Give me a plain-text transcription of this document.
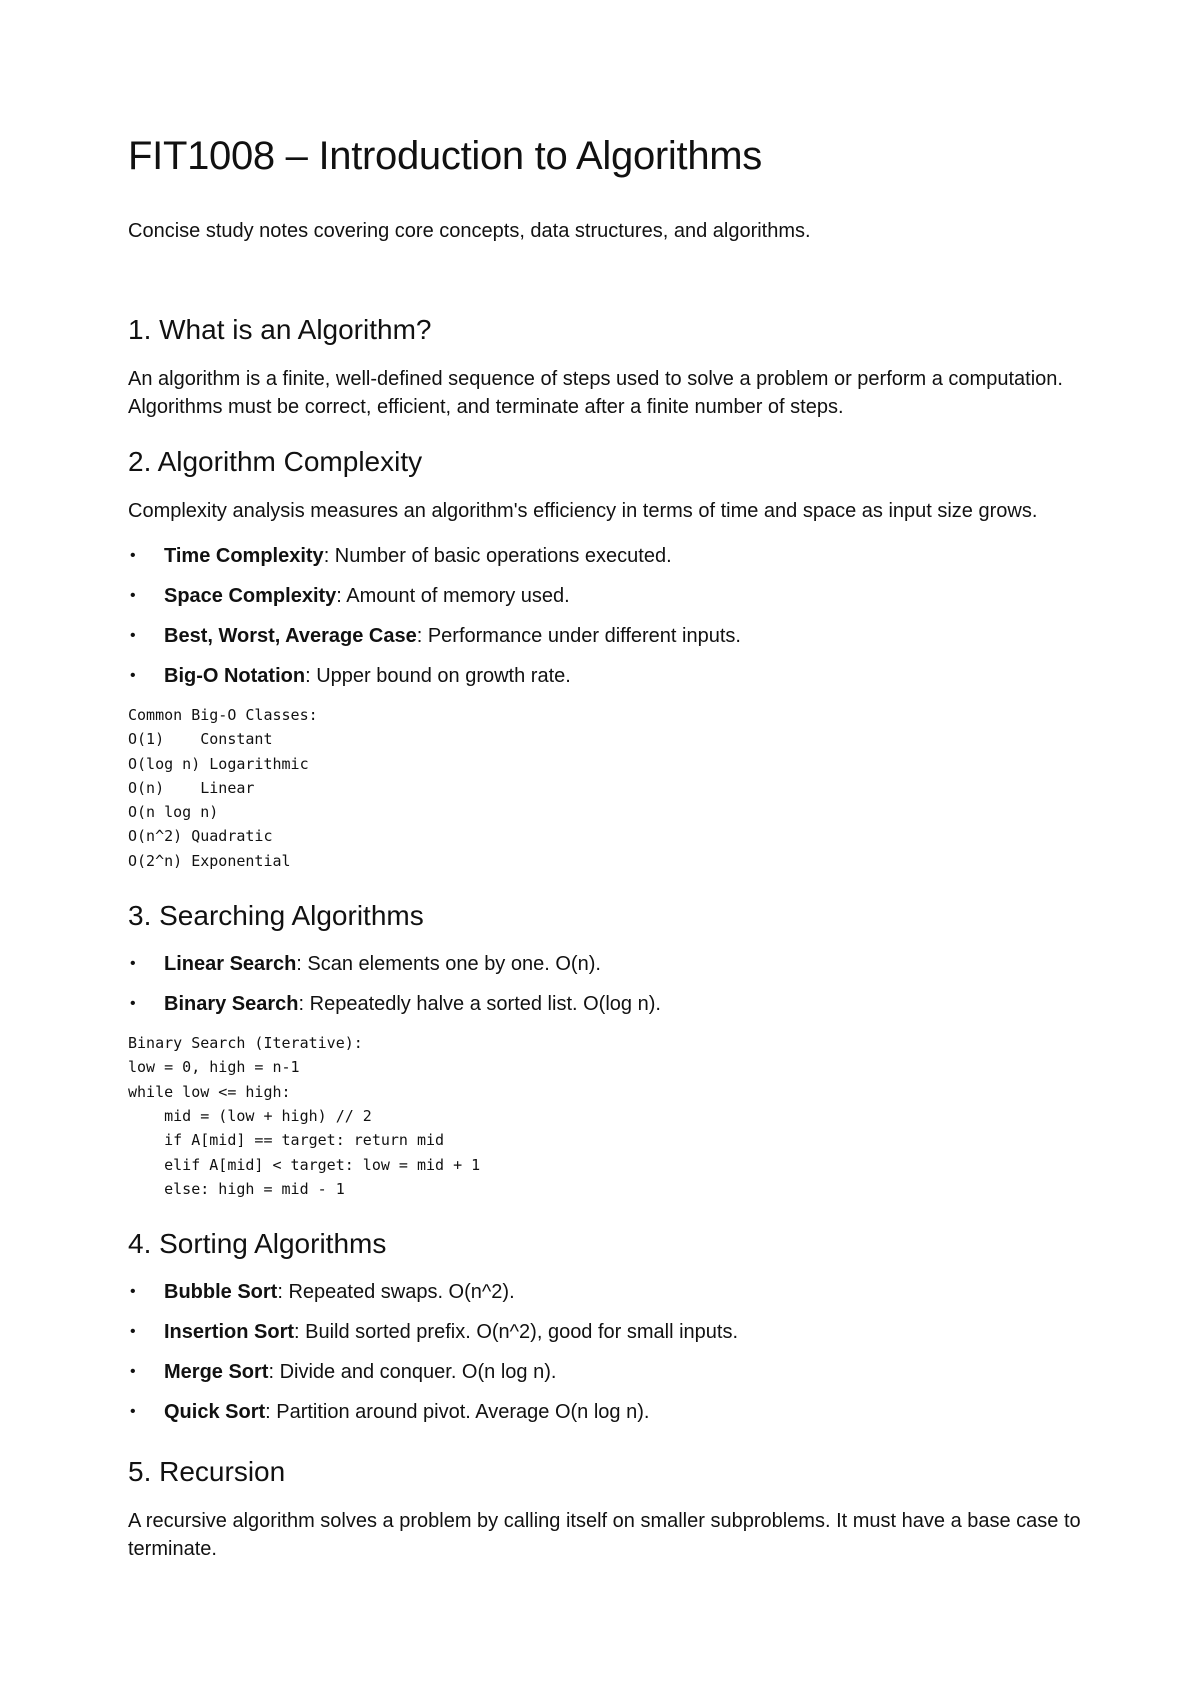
FIT1008 – Introduction to Algorithms

Concise study notes covering core concepts, data structures, and algorithms.

1. What is an Algorithm?

An algorithm is a finite, well-defined sequence of steps used to solve a problem or perform a computation. Algorithms must be correct, efficient, and terminate after a finite number of steps.

2. Algorithm Complexity

Complexity analysis measures an algorithm's efficiency in terms of time and space as input size grows.

• Time Complexity: Number of basic operations executed.
• Space Complexity: Amount of memory used.
• Best, Worst, Average Case: Performance under different inputs.
• Big-O Notation: Upper bound on growth rate.
Common Big-O Classes:
O(1)    Constant
O(log n) Logarithmic
O(n)    Linear
O(n log n)
O(n^2) Quadratic
O(2^n) Exponential
3. Searching Algorithms
• Linear Search: Scan elements one by one. O(n).
• Binary Search: Repeatedly halve a sorted list. O(log n).
Binary Search (Iterative):
low = 0, high = n-1
while low <= high:
mid = (low + high) // 2
if A[mid] == target: return mid
elif A[mid] < target: low = mid + 1
else: high = mid - 1
4. Sorting Algorithms
• Bubble Sort: Repeated swaps. O(n^2).
• Insertion Sort: Build sorted prefix. O(n^2), good for small inputs.
• Merge Sort: Divide and conquer. O(n log n).
• Quick Sort: Partition around pivot. Average O(n log n).
5. Recursion

A recursive algorithm solves a problem by calling itself on smaller subproblems. It must have a base case to terminate.
